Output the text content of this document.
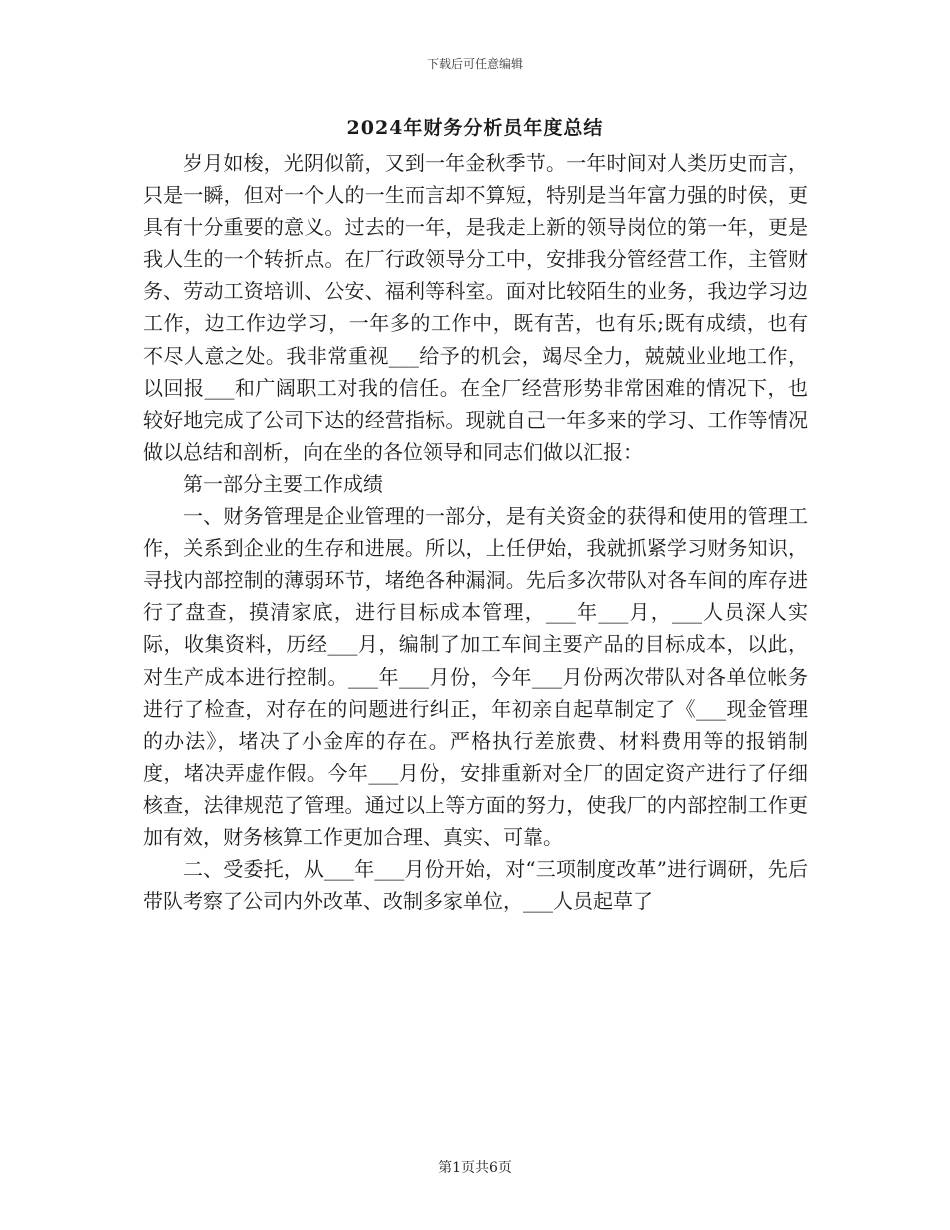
下载后可任意编辑
2024年财务分析员年度总结

岁月如梭，光阴似箭，又到一年金秋季节。一年时间对人类历史而言，只是一瞬，但对一个人的一生而言却不算短，特别是当年富力强的时侯，更具有十分重要的意义。过去的一年，是我走上新的领导岗位的第一年，更是我人生的一个转折点。在厂行政领导分工中，安排我分管经营工作，主管财务、劳动工资培训、公安、福利等科室。面对比较陌生的业务，我边学习边工作，边工作边学习，一年多的工作中，既有苦，也有乐;既有成绩，也有不尽人意之处。我非常重视___给予的机会，竭尽全力，兢兢业业地工作，以回报___和广阔职工对我的信任。在全厂经营形势非常困难的情况下，也较好地完成了公司下达的经营指标。现就自己一年多来的学习、工作等情况做以总结和剖析，向在坐的各位领导和同志们做以汇报：

第一部分主要工作成绩

一、财务管理是企业管理的一部分，是有关资金的获得和使用的管理工作，关系到企业的生存和进展。所以，上任伊始，我就抓紧学习财务知识，寻找内部控制的薄弱环节，堵绝各种漏洞。先后多次带队对各车间的库存进行了盘查，摸清家底，进行目标成本管理，___年___月，___人员深人实际，收集资料，历经___月，编制了加工车间主要产品的目标成本，以此，对生产成本进行控制。___年___月份，今年___月份两次带队对各单位帐务进行了检查，对存在的问题进行纠正，年初亲自起草制定了《___现金管理的办法》，堵决了小金库的存在。严格执行差旅费、材料费用等的报销制度，堵决弄虚作假。今年___月份，安排重新对全厂的固定资产进行了仔细核查，法律规范了管理。通过以上等方面的努力，使我厂的内部控制工作更加有效，财务核算工作更加合理、真实、可靠。

二、受委托，从___年___月份开始，对“三项制度改革”进行调研，先后带队考察了公司内外改革、改制多家单位，___人员起草了

第1页共6页
